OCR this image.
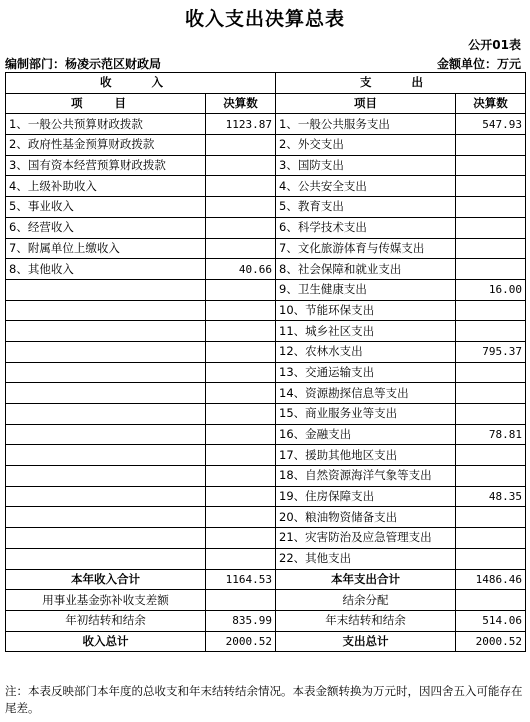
收入支出决算总表
公开01表
编制部门：杨凌示范区财政局	金额单位：万元
收 入		支 出	
项 目	决算数	项目	决算数
1、一般公共预算财政拨款	1123.87	1、一般公共服务支出	547.93
2、政府性基金预算财政拨款		2、外交支出	
3、国有资本经营预算财政拨款		3、国防支出	
4、上级补助收入		4、公共安全支出	
5、事业收入		5、教育支出	
6、经营收入		6、科学技术支出	
7、附属单位上缴收入		7、文化旅游体育与传媒支出	
8、其他收入	40.66	8、社会保障和就业支出	
		9、卫生健康支出	16.00
		10、节能环保支出	
		11、城乡社区支出	
		12、农林水支出	795.37
		13、交通运输支出	
		14、资源勘探信息等支出	
		15、商业服务业等支出	
		16、金融支出	78.81
		17、援助其他地区支出	
		18、自然资源海洋气象等支出	
		19、住房保障支出	48.35
		20、粮油物资储备支出	
		21、灾害防治及应急管理支出	
		22、其他支出	
本年收入合计	1164.53	本年支出合计	1486.46
用事业基金弥补收支差额		结余分配	
年初结转和结余	835.99	年末结转和结余	514.06
收入总计	2000.52	支出总计	2000.52
注：本表反映部门本年度的总收支和年末结转结余情况。本表金额转换为万元时，因四舍五入可能存在尾差。
